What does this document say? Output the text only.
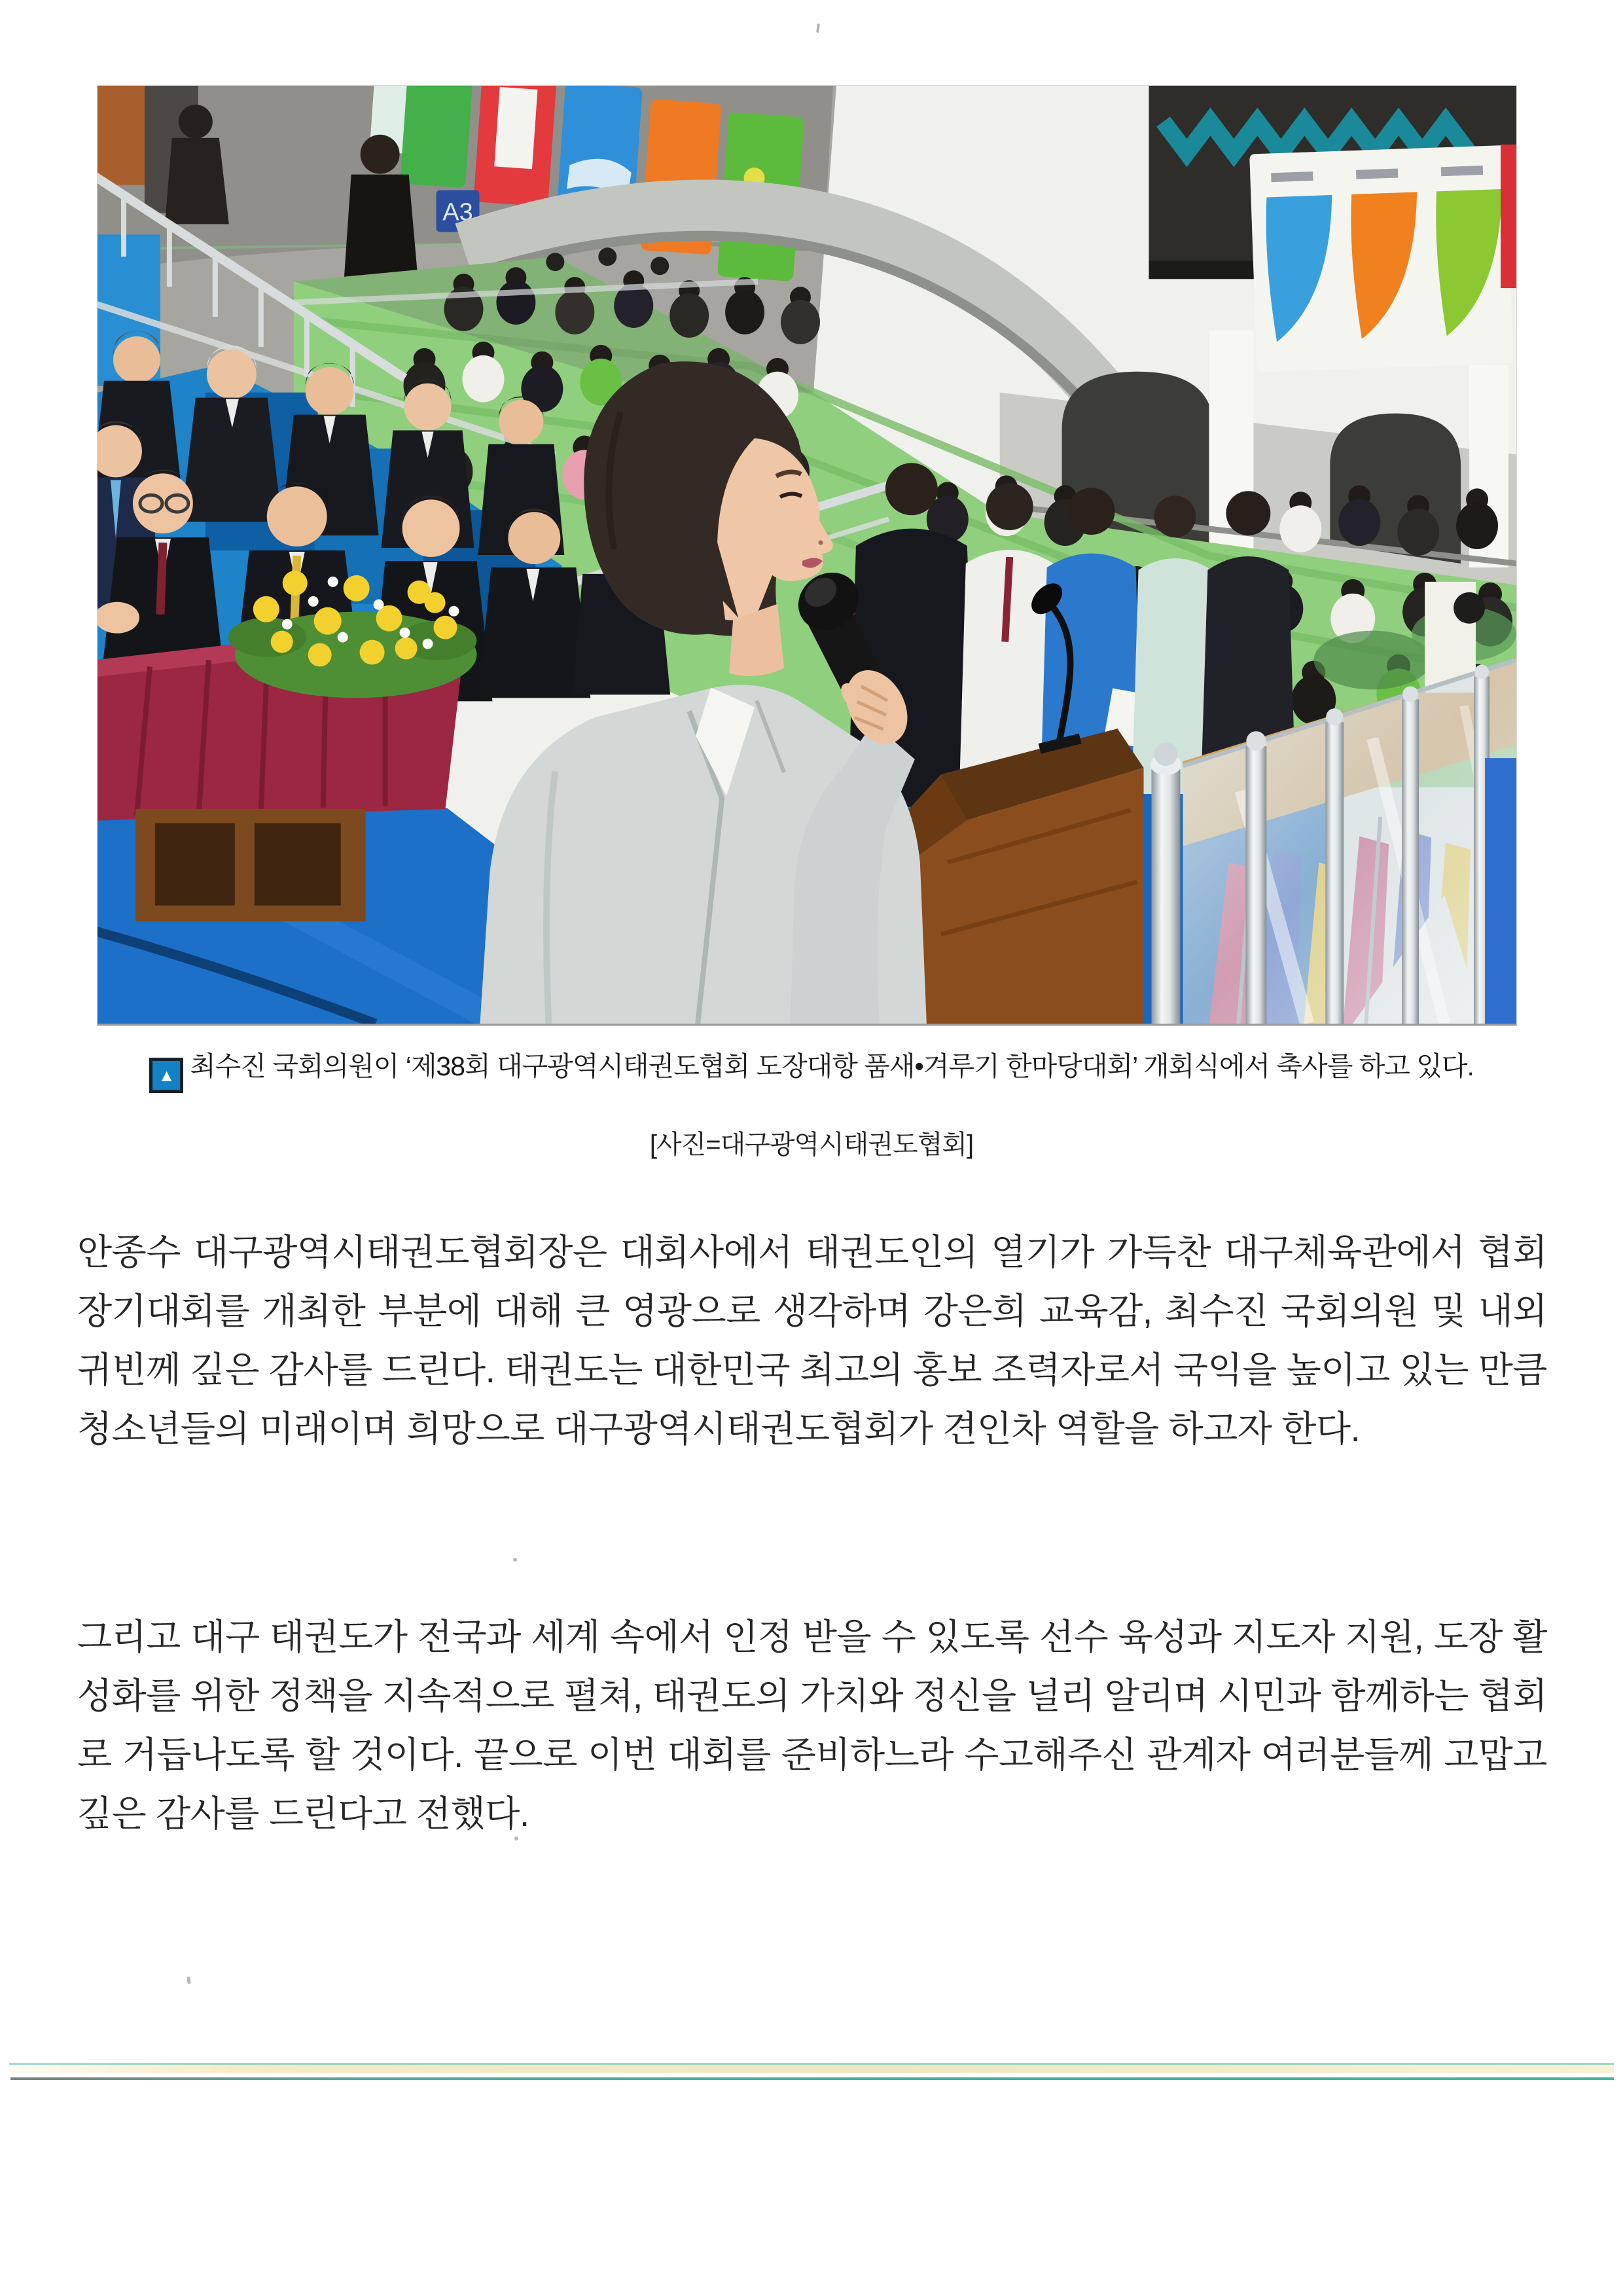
A3
▲ 최수진 국회의원이 ‘제38회 대구광역시태권도협회 도장대항 품새•겨루기 한마당대회’ 개회식에서 축사를 하고 있다.
[사진=대구광역시태권도협회]

안종수 대구광역시태권도협회장은 대회사에서 태권도인의 열기가 가득찬 대구체육관에서 협회장기대회를 개최한 부분에 대해 큰 영광으로 생각하며 강은희 교육감, 최수진 국회의원 및 내외 귀빈께 깊은 감사를 드린다. 태권도는 대한민국 최고의 홍보 조력자로서 국익을 높이고 있는 만큼 청소년들의 미래이며 희망으로 대구광역시태권도협회가 견인차 역할을 하고자 한다.

그리고 대구 태권도가 전국과 세계 속에서 인정 받을 수 있도록 선수 육성과 지도자 지원, 도장 활성화를 위한 정책을 지속적으로 펼쳐, 태권도의 가치와 정신을 널리 알리며 시민과 함께하는 협회로 거듭나도록 할 것이다. 끝으로 이번 대회를 준비하느라 수고해주신 관계자 여러분들께 고맙고 깊은 감사를 드린다고 전했다.
